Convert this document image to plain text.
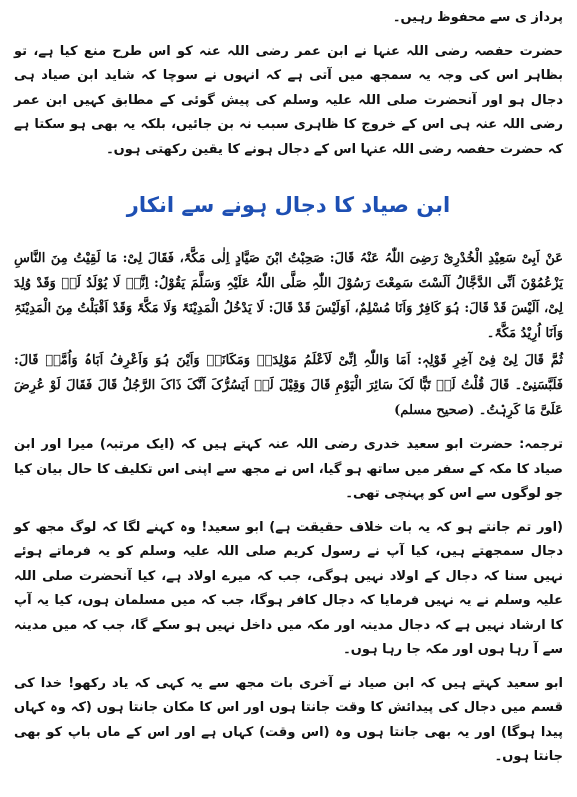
پرداز ی سے محفوظ رہیں۔

حضرت حفصہ رضی اللہ عنہا نے ابن عمر رضی اللہ عنہ کو اس طرح منع کیا ہے، تو بظاہر اس کی وجہ یہ سمجھ میں آتی ہے کہ انہوں نے سوچا کہ شاید ابن صیاد ہی دجال ہو اور آنحضرت صلی اللہ علیہ وسلم کی پیش گوئی کے مطابق کہیں ابن عمر رضی اللہ عنہ ہی اس کے خروج کا ظاہری سبب نہ بن جائیں، بلکہ یہ بھی ہو سکتا ہے کہ حضرت حفصہ رضی اللہ عنہا اس کے دجال ہونے کا یقین رکھتی ہوں۔

ابن صیاد کا دجال ہونے سے انکار

عَنْ اَبِیْ سَعِیْدِ الْخُدْرِیْ رَضِیَ اللّٰہُ عَنْہُ قَالَ: صَحِبْتُ ابْنَ صَیَّادٍ اِلٰی مَکَّۃَ، فَقَالَ لِیْ: مَا لَقِیْتُ مِنَ النَّاسِ یَزْعُمُوْنَ اَنِّی الدَّجَّالُ اَلَسْتَ سَمِعْتَ رَسُوْلَ اللّٰہِ صَلَّی اللّٰہُ عَلَیْہِ وَسَلَّمَ یَقُوْلُ: اِنَّہٗ لَا یُوْلَدُ لَہٗ وَقَدْ وُلِدَ لِیْ، اَلَیْسَ قَدْ قَالَ: ہُوَ کَافِرٌ وَاَنَا مُسْلِمٌ، اَوَلَیْسَ قَدْ قَالَ: لَا یَدْخُلُ الْمَدِیْنَۃَ وَلَا مَکَّۃَ وَقَدْ اَقْبَلْتُ مِنَ الْمَدِیْنَۃِ وَاَنَا اُرِیْدُ مَکَّۃَ۔

ثُمَّ قَالَ لِیْ فِیْ آخِرِ قَوْلِہٖ: اَمَا وَاللّٰہِ اِنِّیْ لَاَعْلَمُ مَوْلِدَہٗ وَمَکَانَہٗ وَاَیْنَ ہُوَ وَاَعْرِفُ اَبَاہُ وَاُمَّہٗ قَالَ: فَلَبَّسَنِیْ۔ قَالَ قُلْتُ لَہٗ تَبًّا لَکَ سَائِرَ الْیَوْمِ قَالَ وَقِیْلَ لَہٗ اَیَسُرُّکَ اَنَّکَ ذَاکَ الرَّجُلُ قَالَ فَقَالَ لَوْ عُرِضَ عَلَیَّ مَا کَرِہْتُ۔ (صحیح مسلم)

ترجمہ: حضرت ابو سعید خدری رضی اللہ عنہ کہتے ہیں کہ (ایک مرتبہ) میرا اور ابن صیاد کا مکہ کے سفر میں ساتھ ہو گیا، اس نے مجھ سے اپنی اس تکلیف کا حال بیان کیا جو لوگوں سے اس کو پہنچی تھی۔

(اور تم جانتے ہو کہ یہ بات خلاف حقیقت ہے) ابو سعید! وہ کہنے لگا کہ لوگ مجھ کو دجال سمجھتے ہیں، کیا آپ نے رسول کریم صلی اللہ علیہ وسلم کو یہ فرماتے ہوئے نہیں سنا کہ دجال کے اولاد نہیں ہوگی، جب کہ میرے اولاد ہے، کیا آنحضرت صلی اللہ علیہ وسلم نے یہ نہیں فرمایا کہ دجال کافر ہوگا، جب کہ میں مسلمان ہوں، کیا یہ آپ کا ارشاد نہیں ہے کہ دجال مدینہ اور مکہ میں داخل نہیں ہو سکے گا، جب کہ میں مدینہ سے آ رہا ہوں اور مکہ جا رہا ہوں۔

ابو سعید کہتے ہیں کہ ابن صیاد نے آخری بات مجھ سے یہ کہی کہ یاد رکھو! خدا کی قسم میں دجال کی پیدائش کا وقت جانتا ہوں اور اس کا مکان جانتا ہوں (کہ وہ کہاں پیدا ہوگا) اور یہ بھی جانتا ہوں وہ (اس وقت) کہاں ہے اور اس کے ماں باپ کو بھی جانتا ہوں۔
